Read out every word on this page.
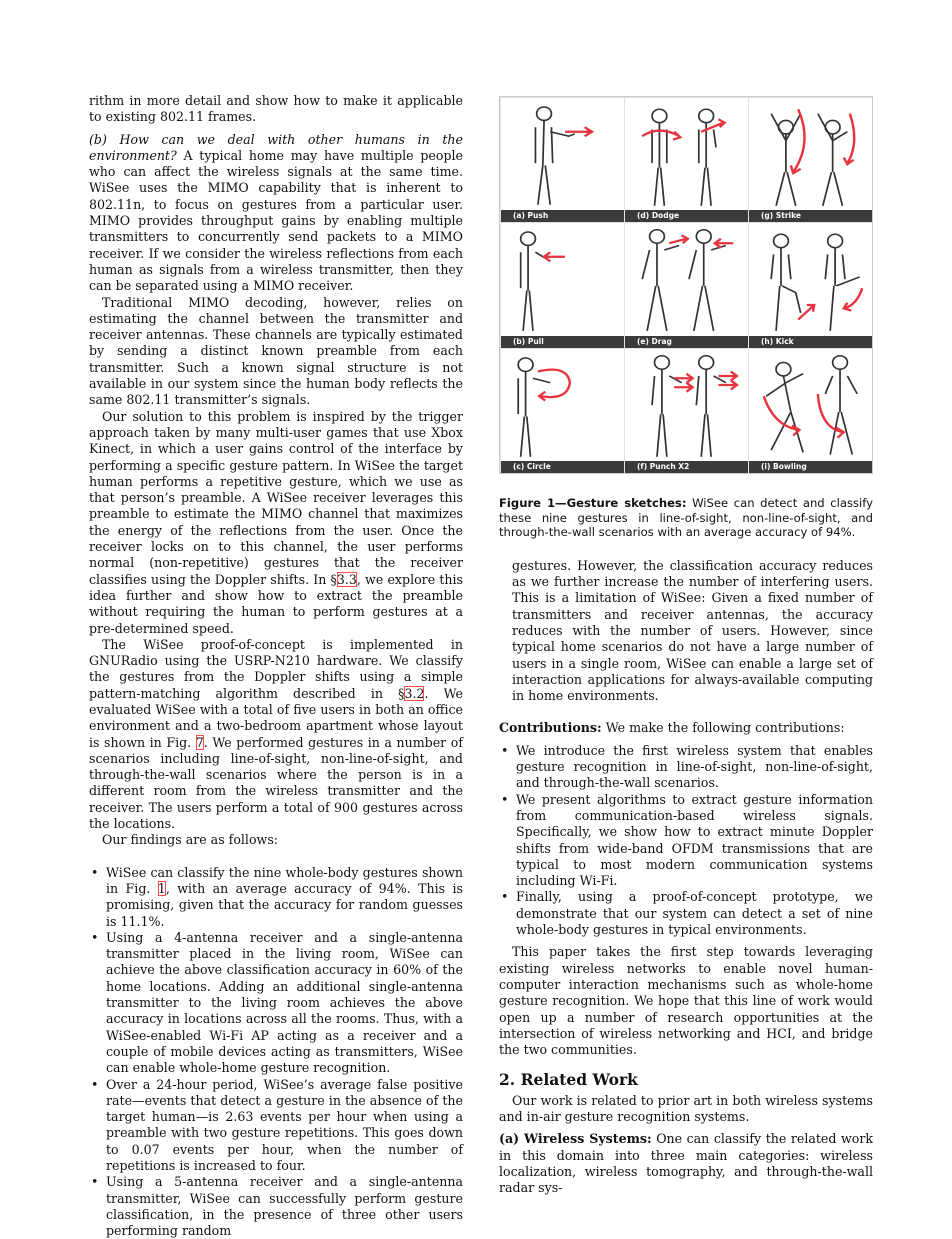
rithm in more detail and show how to make it applicable to existing 802.11 frames.

(b) How can we deal with other humans in the environment? A typical home may have multiple people who can affect the wireless signals at the same time. WiSee uses the MIMO capability that is inherent to 802.11n, to focus on gestures from a particular user. MIMO provides throughput gains by enabling multiple transmitters to concurrently send packets to a MIMO receiver. If we consider the wireless reflections from each human as signals from a wireless transmitter, then they can be separated using a MIMO receiver.

Traditional MIMO decoding, however, relies on estimating the channel between the transmitter and receiver antennas. These channels are typically estimated by sending a distinct known preamble from each transmitter. Such a known signal structure is not available in our system since the human body reflects the same 802.11 transmitter’s signals.

Our solution to this problem is inspired by the trigger approach taken by many multi-user games that use Xbox Kinect, in which a user gains control of the interface by performing a specific gesture pattern. In WiSee the target human performs a repetitive gesture, which we use as that person’s preamble. A WiSee receiver leverages this preamble to estimate the MIMO channel that maximizes the energy of the reflections from the user. Once the receiver locks on to this channel, the user performs normal (non-repetitive) gestures that the receiver classifies using the Doppler shifts. In §3.3, we explore this idea further and show how to extract the preamble without requiring the human to perform gestures at a pre-determined speed.

The WiSee proof-of-concept is implemented in GNURadio using the USRP-N210 hardware. We classify the gestures from the Doppler shifts using a simple pattern-matching algorithm described in §3.2. We evaluated WiSee with a total of five users in both an office environment and a two-bedroom apartment whose layout is shown in Fig. 7. We performed gestures in a number of scenarios including line-of-sight, non-line-of-sight, and through-the-wall scenarios where the person is in a different room from the wireless transmitter and the receiver. The users perform a total of 900 gestures across the locations.

Our findings are as follows:

• WiSee can classify the nine whole-body gestures shown in Fig. 1, with an average accuracy of 94%. This is promising, given that the accuracy for random guesses is 11.1%.
• Using a 4-antenna receiver and a single-antenna transmitter placed in the living room, WiSee can achieve the above classification accuracy in 60% of the home locations. Adding an additional single-antenna transmitter to the living room achieves the above accuracy in locations across all the rooms. Thus, with a WiSee-enabled Wi-Fi AP acting as a receiver and a couple of mobile devices acting as transmitters, WiSee can enable whole-home gesture recognition.
• Over a 24-hour period, WiSee’s average false positive rate—events that detect a gesture in the absence of the target human—is 2.63 events per hour when using a preamble with two gesture repetitions. This goes down to 0.07 events per hour, when the number of repetitions is increased to four.
• Using a 5-antenna receiver and a single-antenna transmitter, WiSee can successfully perform gesture classification, in the presence of three other users performing random
(a) Push	(d) Dodge	(g) Strike
(b) Pull	(e) Drag	(h) Kick
(c) Circle	(f) Punch X2	(i) Bowling

Figure 1—Gesture sketches: WiSee can detect and classify these nine gestures in line-of-sight, non-line-of-sight, and through-the-wall scenarios with an average accuracy of 94%.

gestures. However, the classification accuracy reduces as we further increase the number of interfering users. This is a limitation of WiSee: Given a fixed number of transmitters and receiver antennas, the accuracy reduces with the number of users. However, since typical home scenarios do not have a large number of users in a single room, WiSee can enable a large set of interaction applications for always-available computing in home environments.

Contributions: We make the following contributions:

• We introduce the first wireless system that enables gesture recognition in line-of-sight, non-line-of-sight, and through-the-wall scenarios.
• We present algorithms to extract gesture information from communication-based wireless signals. Specifically, we show how to extract minute Doppler shifts from wide-band OFDM transmissions that are typical to most modern communication systems including Wi-Fi.
• Finally, using a proof-of-concept prototype, we demonstrate that our system can detect a set of nine whole-body gestures in typical environments.

This paper takes the first step towards leveraging existing wireless networks to enable novel human-computer interaction mechanisms such as whole-home gesture recognition. We hope that this line of work would open up a number of research opportunities at the intersection of wireless networking and HCI, and bridge the two communities.

2. Related Work

Our work is related to prior art in both wireless systems and in-air gesture recognition systems.

(a) Wireless Systems: One can classify the related work in this domain into three main categories: wireless localization, wireless tomography, and through-the-wall radar sys-
